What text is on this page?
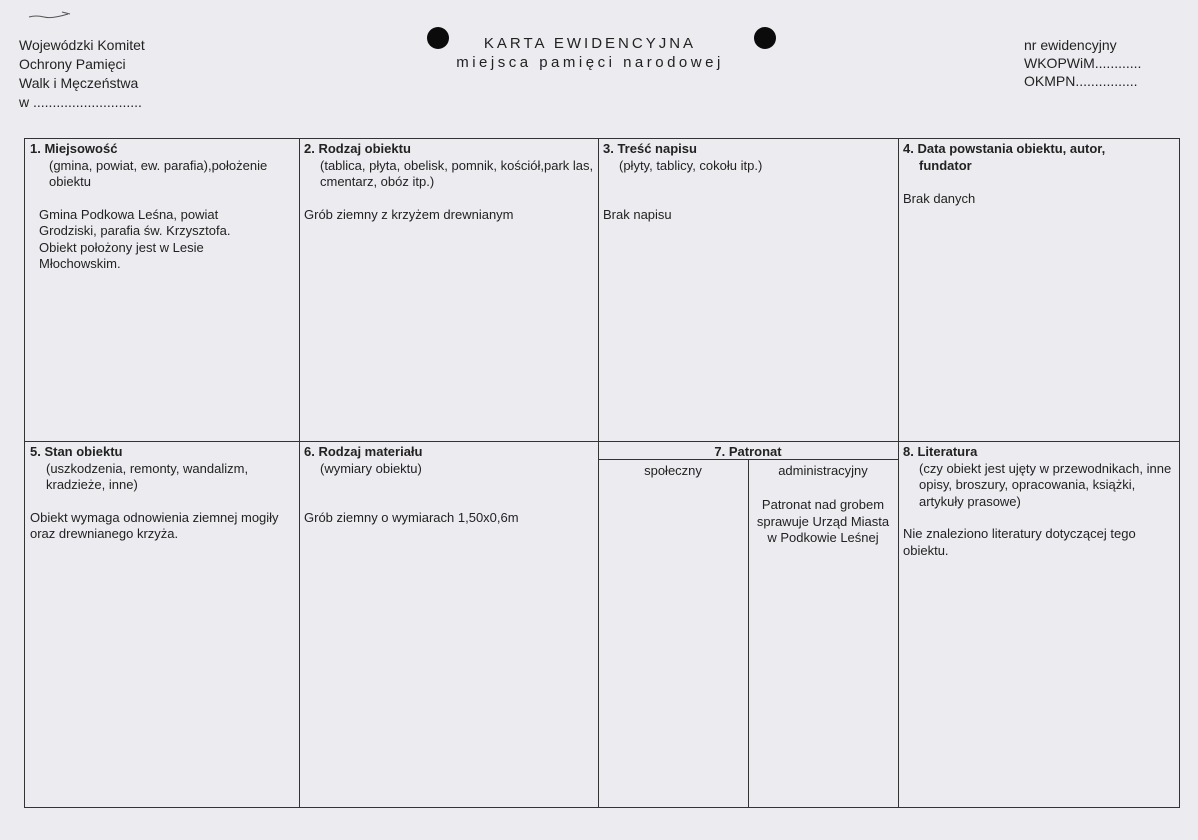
Wojewódzki Komitet
Ochrony Pamięci
Walk i Męczeństwa
w ............................
KARTA EWIDENCYJNA
miejsca pamięci narodowej
nr ewidencyjny
WKOPWiM............
OKMPN................
1. Miejsowość
(gmina, powiat, ew. parafia),położenie obiektu
Gmina Podkowa Leśna, powiat Grodziski, parafia św. Krzysztofa. Obiekt położony jest w Lesie Młochowskim.
2. Rodzaj obiektu
(tablica, płyta, obelisk, pomnik, kościół,park las, cmentarz, obóz itp.)
Grób ziemny z krzyżem drewnianym
3. Treść napisu
(płyty, tablicy, cokołu itp.)
Brak napisu
4. Data powstania obiektu, autor, fundator
Brak danych
5. Stan obiektu
(uszkodzenia, remonty, wandalizm, kradzieże, inne)
Obiekt wymaga odnowienia ziemnej mogiły oraz drewnianego krzyża.
6. Rodzaj materiału
(wymiary obiektu)
Grób ziemny o wymiarach 1,50x0,6m
7. Patronat
społeczny	administracyjny
Patronat nad grobem sprawuje Urząd Miasta w Podkowie Leśnej
8. Literatura
(czy obiekt jest ujęty w przewodnikach, inne opisy, broszury, opracowania, książki, artykuły prasowe)
Nie znaleziono literatury dotyczącej tego obiektu.
